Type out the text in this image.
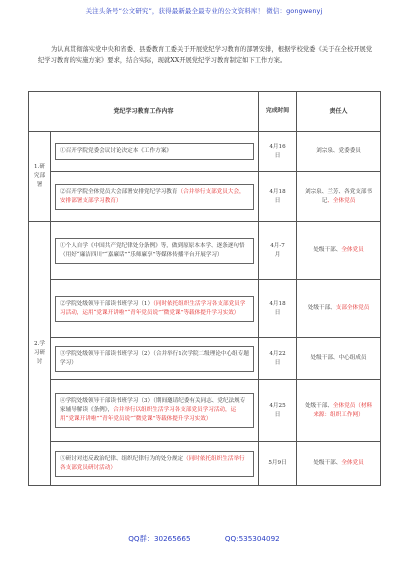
关注头条号“公文研究”，获得最新最全最专业的公文资料库！ 微信：gongwenyj
为认真贯彻落实党中央和省委、县委教育工委关于开展党纪学习教育的部署安排，根据学校党委《关于在全校开展党纪学习教育的实施方案》要求，结合实际，现就XX开展党纪学习教育制定如下工作方案。
党纪学习教育工作内容		完成时间	责任人
1.研究部署	①召开学院党委会议讨论决定本《工作方案》	4月16日	刘宗泉、党委委员

	②召开学院全体党员大会部署安排党纪学习教育（合并举行支部党员大会，安排部署支部学习教育）	4月18日	刘宗泉、兰芳、各党支部书记、全体党员
2.学习研讨	①个人自学《中国共产党纪律处分条例》等，做到原原本本学、逐条逐句悟（用好“廉洁四川”“嘉廉话”“乐师廉享”等媒体传播平台开展学习）	4月-7月	处级干部、全体党员

	②学院处级领导干部读书班学习（1）（同时依托组织生活学习各支部党员学习活动，运用“党课开讲啦”“青年党员说”“微党课”等载体提升学习实效）	4月18日	处级干部、支部全体党员

	③学院处级领导干部读书班学习（2）（合并举行1次学院二级理论中心组专题学习）	4月22日	处级干部、中心组成员

	④学院处级领导干部读书班学习（3）（期间邀请纪委有关同志、党纪法规专家辅导解读《条例》，合并举行以组织生活学习各支部党员学习活动，运用“党课开讲啦”“青年党员说”“微党课”等载体提升学习实效）	4月25日	处级干部、全体党员（材料来源：组织工作网）

	⑤研讨对违反政治纪律、组织纪律行为的处分规定（同时依托组织生活举行各支部党员研讨活动）	5月9日	处级干部、全体党员
QQ群：30265665	QQ:535304092
